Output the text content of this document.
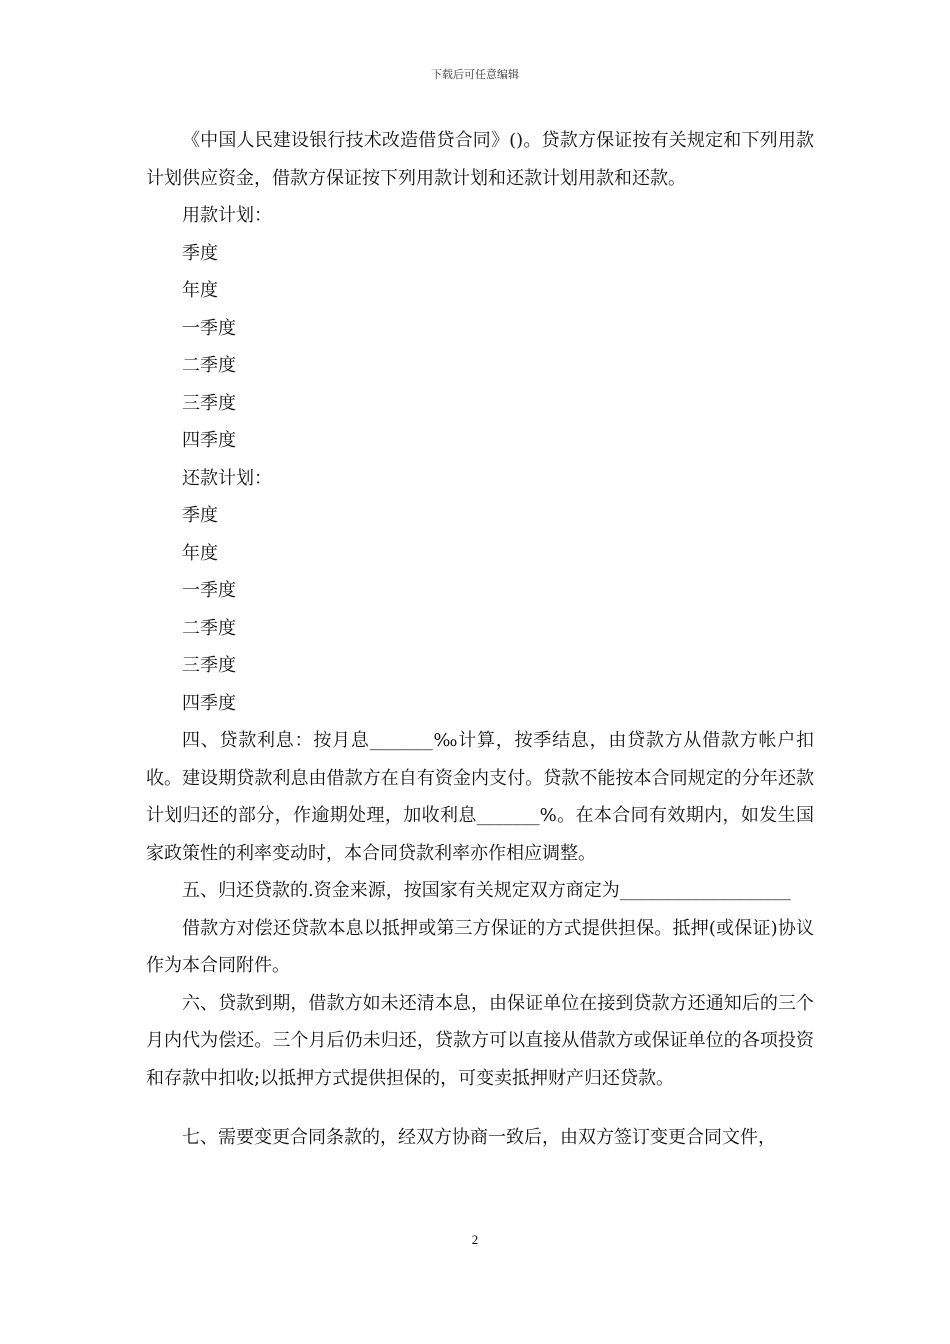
下载后可任意编辑

《中国人民建设银行技术改造借贷合同》()。贷款方保证按有关规定和下列用款计划供应资金，借款方保证按下列用款计划和还款计划用款和还款。

用款计划：

季度

年度

一季度

二季度

三季度

四季度

还款计划：

季度

年度

一季度

二季度

三季度

四季度

四、贷款利息：按月息_______‰计算，按季结息，由贷款方从借款方帐户扣收。建设期贷款利息由借款方在自有资金内支付。贷款不能按本合同规定的分年还款计划归还的部分，作逾期处理，加收利息_______%。在本合同有效期内，如发生国家政策性的利率变动时，本合同贷款利率亦作相应调整。

五、归还贷款的.资金来源，按国家有关规定双方商定为___________________

借款方对偿还贷款本息以抵押或第三方保证的方式提供担保。抵押(或保证)协议作为本合同附件。

六、贷款到期，借款方如未还清本息，由保证单位在接到贷款方还通知后的三个月内代为偿还。三个月后仍未归还，贷款方可以直接从借款方或保证单位的各项投资和存款中扣收;以抵押方式提供担保的，可变卖抵押财产归还贷款。

七、需要变更合同条款的，经双方协商一致后，由双方签订变更合同文件，

2
